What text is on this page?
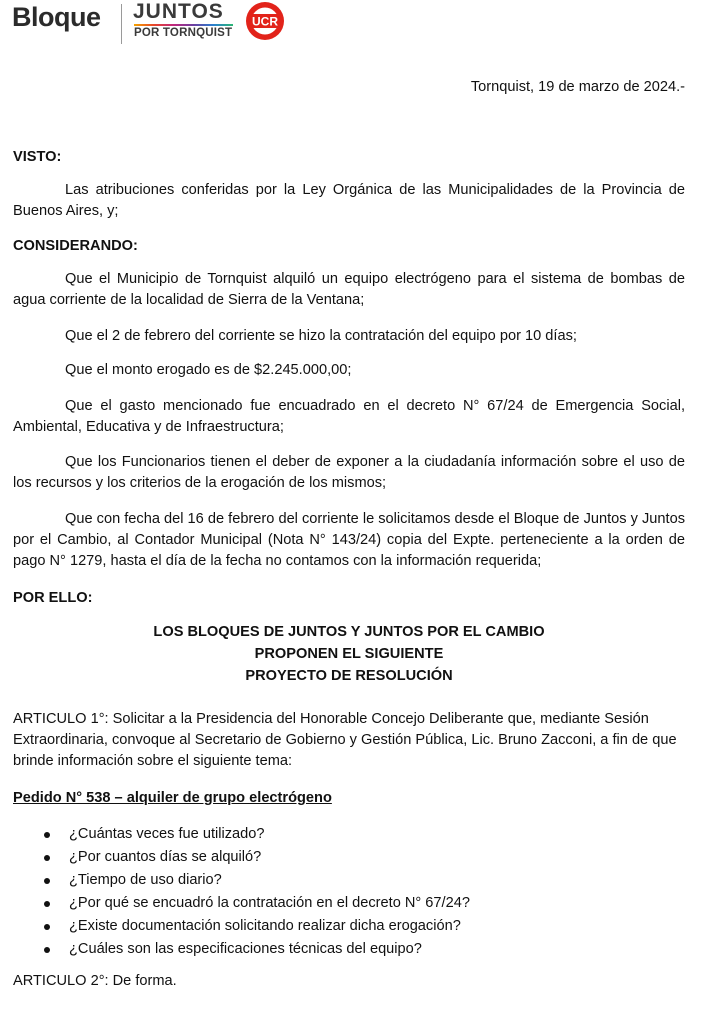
Bloque JUNTOS
POR TORNQUIST
UCR

Tornquist, 19 de marzo de 2024.-

VISTO:

Las atribuciones conferidas por la Ley Orgánica de las Municipalidades de la Provincia de Buenos Aires, y;

CONSIDERANDO:

Que el Municipio de Tornquist alquiló un equipo electrógeno para el sistema de bombas de agua corriente de la localidad de Sierra de la Ventana;

Que el 2 de febrero del corriente se hizo la contratación del equipo por 10 días;

Que el monto erogado es de $2.245.000,00;

Que el gasto mencionado fue encuadrado en el decreto N° 67/24 de Emergencia Social, Ambiental, Educativa y de Infraestructura;

Que los Funcionarios tienen el deber de exponer a la ciudadanía información sobre el uso de los recursos y los criterios de la erogación de los mismos;

Que con fecha del 16 de febrero del corriente le solicitamos desde el Bloque de Juntos y Juntos por el Cambio, al Contador Municipal (Nota N° 143/24) copia del Expte. perteneciente a la orden de pago N° 1279, hasta el día de la fecha no contamos con la información requerida;

POR ELLO:

LOS BLOQUES DE JUNTOS Y JUNTOS POR EL CAMBIO

PROPONEN EL SIGUIENTE

PROYECTO DE RESOLUCIÓN

ARTICULO 1°: Solicitar a la Presidencia del Honorable Concejo Deliberante que, mediante Sesión Extraordinaria, convoque al Secretario de Gobierno y Gestión Pública, Lic. Bruno Zacconi, a fin de que brinde información sobre el siguiente tema:

Pedido N° 538 – alquiler de grupo electrógeno

¿Cuántas veces fue utilizado?
¿Por cuantos días se alquiló?
¿Tiempo de uso diario?
¿Por qué se encuadró la contratación en el decreto N° 67/24?
¿Existe documentación solicitando realizar dicha erogación?
¿Cuáles son las especificaciones técnicas del equipo?

ARTICULO 2°: De forma.
